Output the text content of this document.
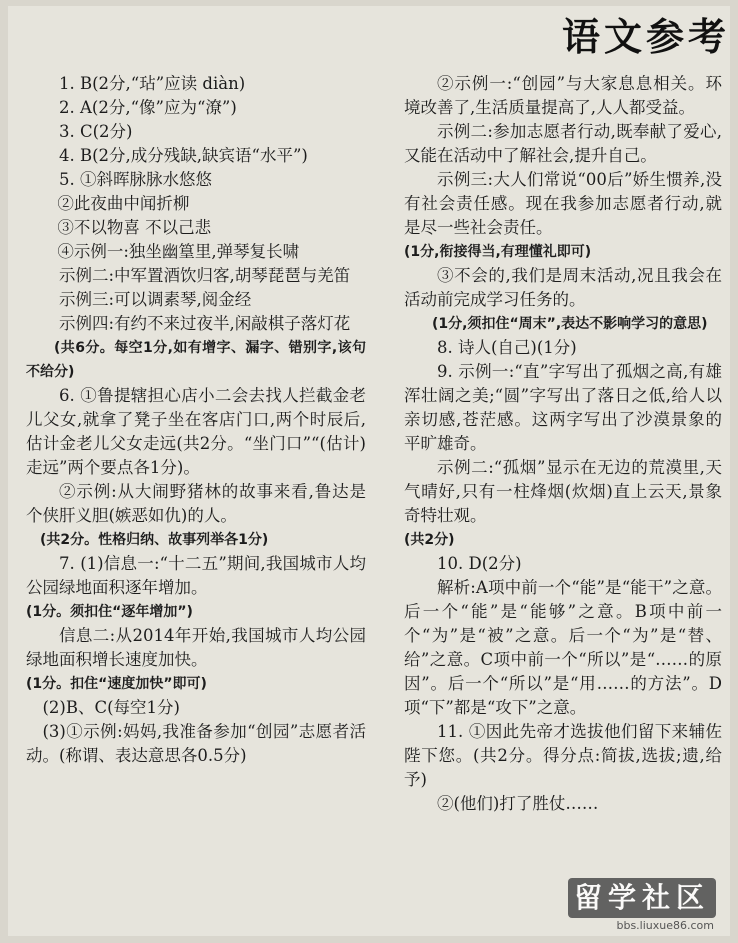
语文参考

1. B(2分,“玷”应读 diàn)

2. A(2分,“像”应为“潦”)

3. C(2分)

4. B(2分,成分残缺,缺宾语“水平”)

5. ①斜晖脉脉水悠悠

②此夜曲中闻折柳

③不以物喜 不以己悲

④示例一:独坐幽篁里,弹琴复长啸

示例二:中军置酒饮归客,胡琴琵琶与羌笛

示例三:可以调素琴,阅金经

示例四:有约不来过夜半,闲敲棋子落灯花

(共6分。每空1分,如有增字、漏字、错别字,该句不给分)

6. ①鲁提辖担心店小二会去找人拦截金老儿父女,就拿了凳子坐在客店门口,两个时辰后,估计金老儿父女走远(共2分。“坐门口”“(估计)走远”两个要点各1分)。

②示例:从大闹野猪林的故事来看,鲁达是个侠肝义胆(嫉恶如仇)的人。

(共2分。性格归纳、故事列举各1分)

7. (1)信息一:“十二五”期间,我国城市人均公园绿地面积逐年增加。

(1分。须扣住“逐年增加”)

信息二:从2014年开始,我国城市人均公园绿地面积增长速度加快。

(1分。扣住“速度加快”即可)

(2)B、C(每空1分)

(3)①示例:妈妈,我准备参加“创园”志愿者活动。(称谓、表达意思各0.5分)

②示例一:“创园”与大家息息相关。环境改善了,生活质量提高了,人人都受益。

示例二:参加志愿者行动,既奉献了爱心,又能在活动中了解社会,提升自己。

示例三:大人们常说“00后”娇生惯养,没有社会责任感。现在我参加志愿者行动,就是尽一些社会责任。

(1分,衔接得当,有理懂礼即可)

③不会的,我们是周末活动,况且我会在活动前完成学习任务的。

(1分,须扣住“周末”,表达不影响学习的意思)

8. 诗人(自己)(1分)

9. 示例一:“直”字写出了孤烟之高,有雄浑壮阔之美;“圆”字写出了落日之低,给人以亲切感,苍茫感。这两字写出了沙漠景象的平旷雄奇。

示例二:“孤烟”显示在无边的荒漠里,天气晴好,只有一柱烽烟(炊烟)直上云天,景象奇特壮观。

(共2分)

10. D(2分)

解析:A项中前一个“能”是“能干”之意。后一个“能”是“能够”之意。B项中前一个“为”是“被”之意。后一个“为”是“替、给”之意。C项中前一个“所以”是“……的原因”。后一个“所以”是“用……的方法”。D项“下”都是“攻下”之意。

11. ①因此先帝才选拔他们留下来辅佐陛下您。(共2分。得分点:简拔,选拔;遗,给予)

②(他们)打了胜仗……

留学社区
bbs.liuxue86.com
